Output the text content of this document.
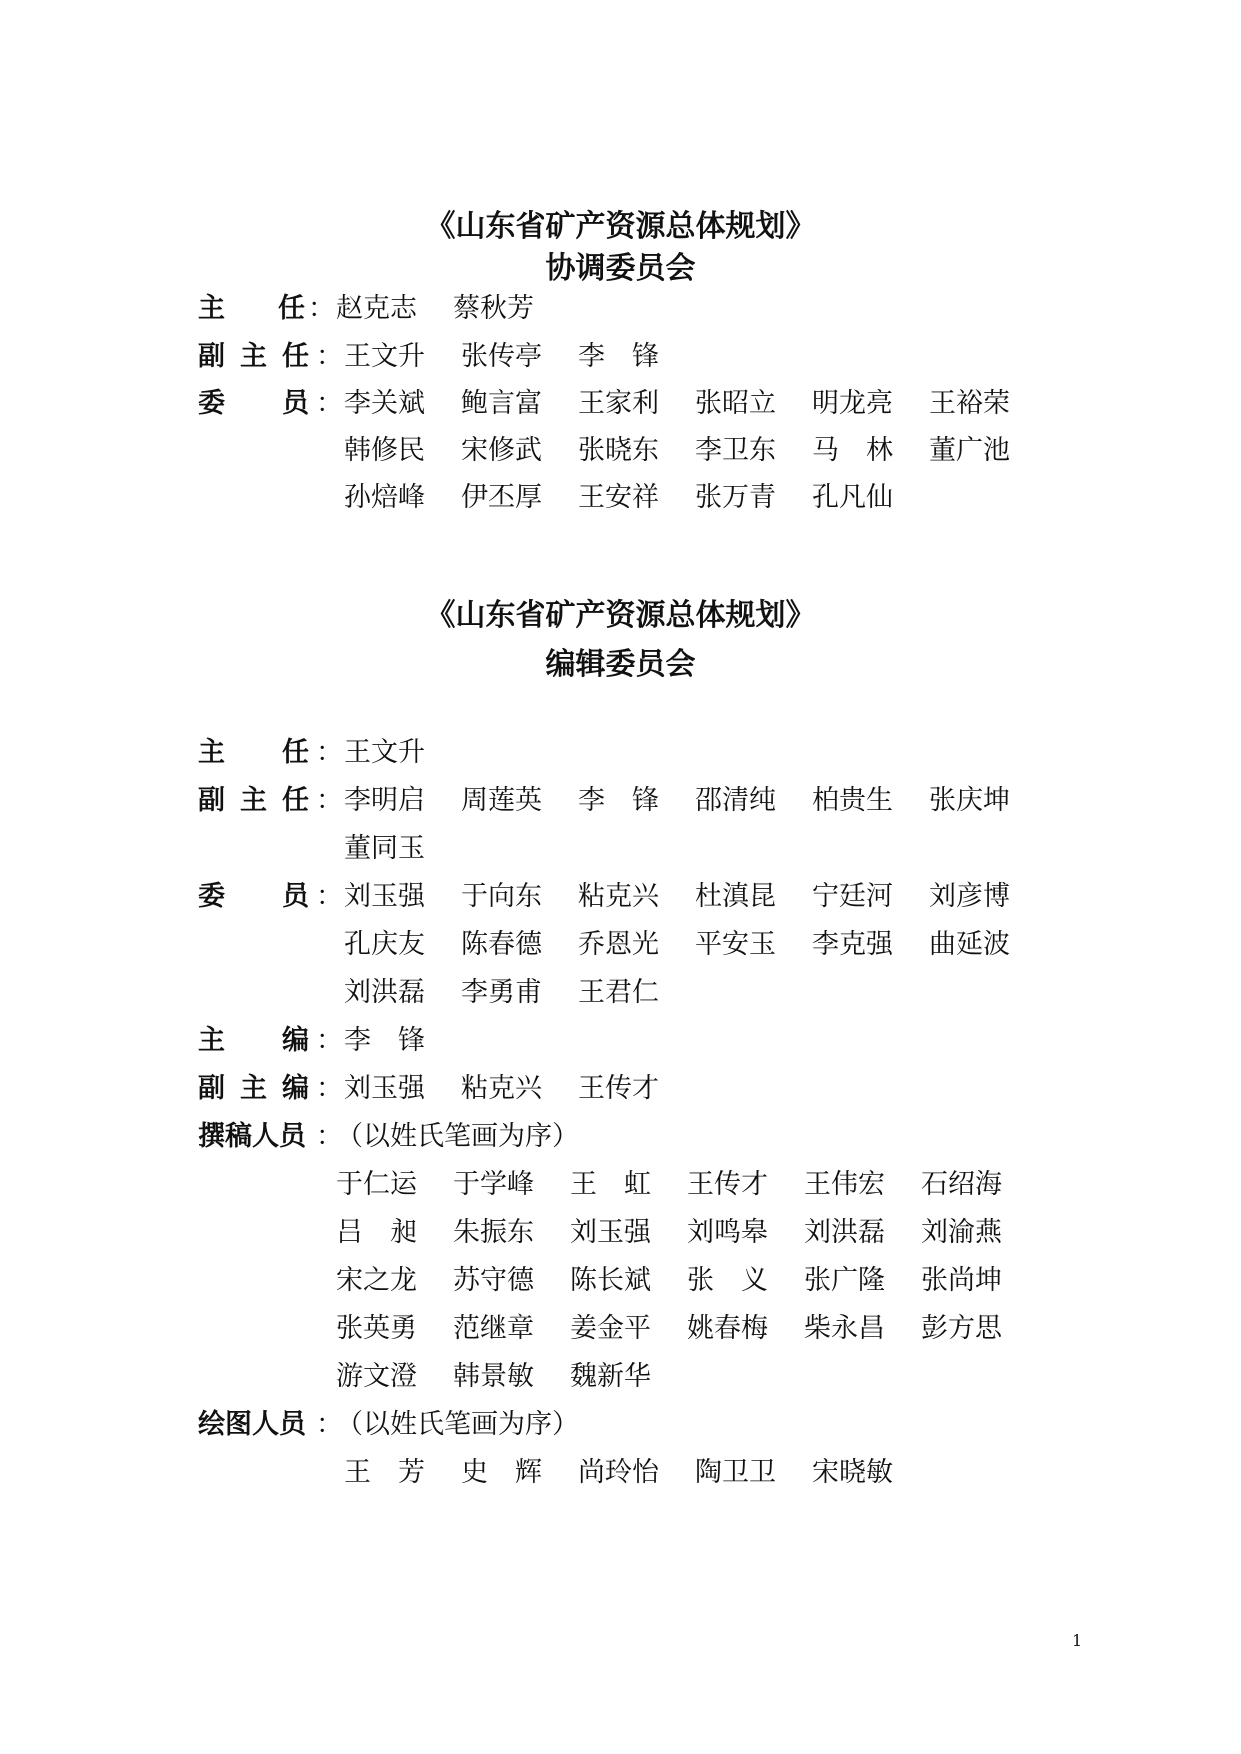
《山东省矿产资源总体规划》
协调委员会
主 任 ： 赵克志 蔡秋芳
副 主 任 ： 王文升 张传亭 李　锋
委 员 ： 李关斌 鲍言富 王家利 张昭立 明龙亮 王裕荣
韩修民 宋修武 张晓东 李卫东 马　林 董广池
孙焙峰 伊丕厚 王安祥 张万青 孔凡仙
《山东省矿产资源总体规划》
编辑委员会
主 任 ： 王文升
副 主 任 ： 李明启 周莲英 李　锋 邵清纯 柏贵生 张庆坤
董同玉
委 员 ： 刘玉强 于向东 粘克兴 杜滇昆 宁廷河 刘彦博
孔庆友 陈春德 乔恩光 平安玉 李克强 曲延波
刘洪磊 李勇甫 王君仁
主 编 ： 李　锋
副 主 编 ： 刘玉强 粘克兴 王传才
撰稿人员 ：
（以姓氏笔画为序）
于仁运 于学峰 王　虹 王传才 王伟宏 石绍海
吕　昶 朱振东 刘玉强 刘鸣皋 刘洪磊 刘渝燕
宋之龙 苏守德 陈长斌 张　义 张广隆 张尚坤
张英勇 范继章 姜金平 姚春梅 柴永昌 彭方思
游文澄 韩景敏 魏新华
绘图人员 ：
（以姓氏笔画为序）
王　芳 史　辉 尚玲怡 陶卫卫 宋晓敏
1
